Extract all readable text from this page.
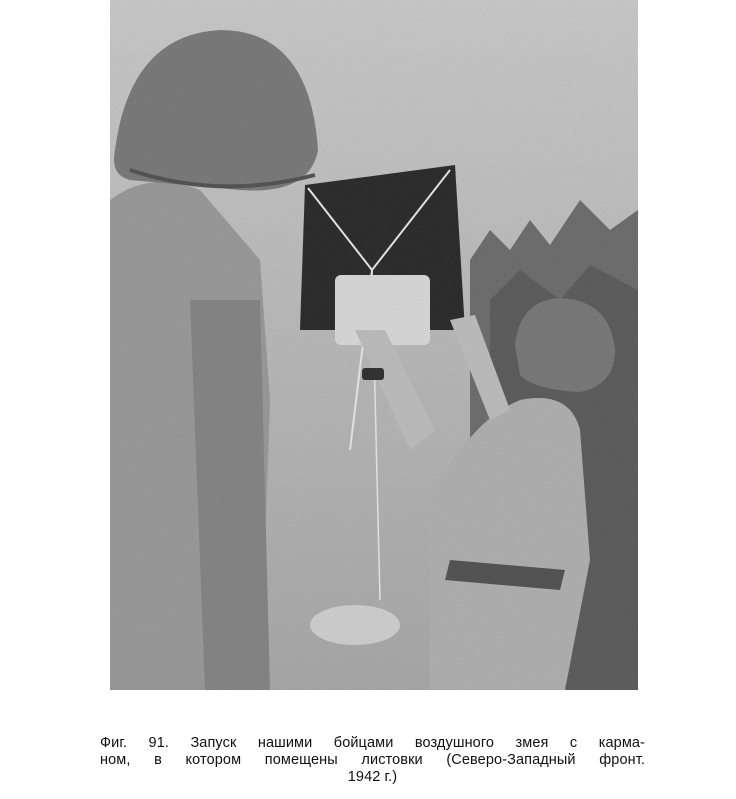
Фиг. 91. Запуск нашими бойцами воздушного змея с карма-
ном, в котором помещены листовки (Северо-Западный фронт.
1942 г.)
